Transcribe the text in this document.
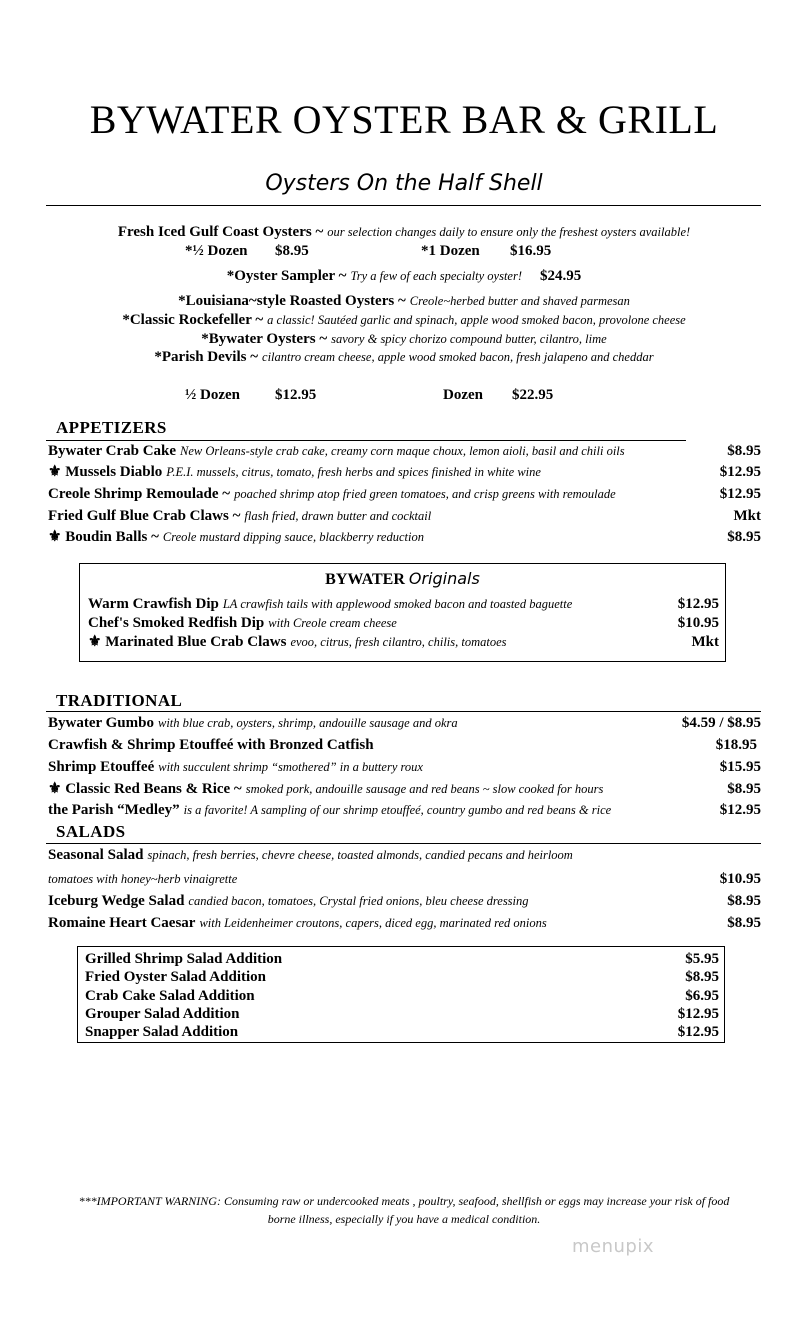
BYWATER OYSTER BAR & GRILL
Oysters On the Half Shell
Fresh Iced Gulf Coast Oysters ~ our selection changes daily to ensure only the freshest oysters available!
*½ Dozen $8.95	*1 Dozen $16.95
*Oyster Sampler ~ Try a few of each specialty oyster! $24.95
*Louisiana~style Roasted Oysters ~ Creole~herbed butter and shaved parmesan
*Classic Rockefeller ~ a classic! Sautéed garlic and spinach, apple wood smoked bacon, provolone cheese
*Bywater Oysters ~ savory & spicy chorizo compound butter, cilantro, lime
*Parish Devils ~ cilantro cream cheese, apple wood smoked bacon, fresh jalapeno and cheddar
½ Dozen $12.95	Dozen $22.95
APPETIZERS
Bywater Crab Cake New Orleans-style crab cake, creamy corn maque choux, lemon aioli, basil and chili oils	$8.95
⚜ Mussels Diablo P.E.I. mussels, citrus, tomato, fresh herbs and spices finished in white wine	$12.95
Creole Shrimp Remoulade ~ poached shrimp atop fried green tomatoes, and crisp greens with remoulade	$12.95
Fried Gulf Blue Crab Claws ~ flash fried, drawn butter and cocktail	Mkt
⚜ Boudin Balls ~ Creole mustard dipping sauce, blackberry reduction	$8.95
BYWATER Originals
Warm Crawfish Dip LA crawfish tails with applewood smoked bacon and toasted baguette	$12.95
Chef's Smoked Redfish Dip with Creole cream cheese	$10.95
⚜ Marinated Blue Crab Claws evoo, citrus, fresh cilantro, chilis, tomatoes	Mkt
TRADITIONAL
Bywater Gumbo with blue crab, oysters, shrimp, andouille sausage and okra	$4.59 / $8.95
Crawfish & Shrimp Etouffeé with Bronzed Catfish	$18.95
Shrimp Etouffeé with succulent shrimp “smothered” in a buttery roux	$15.95
⚜ Classic Red Beans & Rice ~ smoked pork, andouille sausage and red beans ~ slow cooked for hours	$8.95
the Parish “Medley” is a favorite! A sampling of our shrimp etouffeé, country gumbo and red beans & rice	$12.95
SALADS
Seasonal Salad spinach, fresh berries, chevre cheese, toasted almonds, candied pecans and heirloom
tomatoes with honey~herb vinaigrette	$10.95
Iceburg Wedge Salad candied bacon, tomatoes, Crystal fried onions, bleu cheese dressing	$8.95
Romaine Heart Caesar with Leidenheimer croutons, capers, diced egg, marinated red onions	$8.95
Grilled Shrimp Salad Addition	$5.95
Fried Oyster Salad Addition	$8.95
Crab Cake Salad Addition	$6.95
Grouper Salad Addition	$12.95
Snapper Salad Addition	$12.95
***IMPORTANT WARNING: Consuming raw or undercooked meats , poultry, seafood, shellfish or eggs may increase your risk of food
borne illness, especially if you have a medical condition.
menupix
